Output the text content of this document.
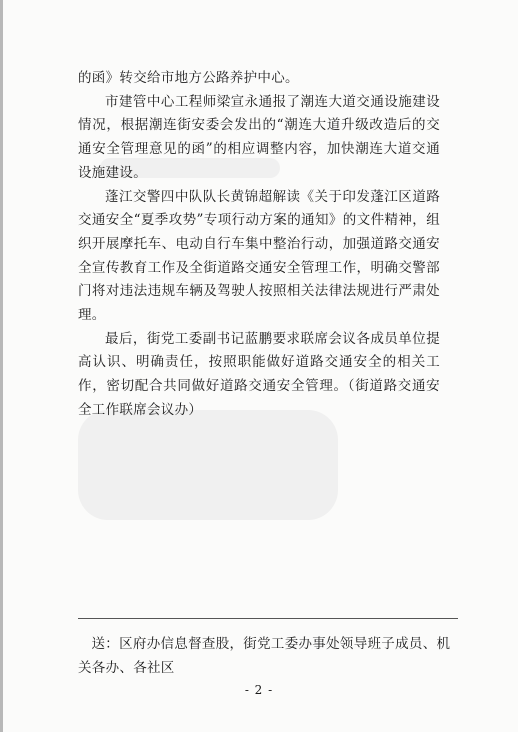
的函》转交给市地方公路养护中心。

市建管中心工程师梁宣永通报了潮连大道交通设施建设情况，根据潮连街安委会发出的“潮连大道升级改造后的交通安全管理意见的函”的相应调整内容，加快潮连大道交通设施建设。

蓬江交警四中队队长黄锦超解读《关于印发蓬江区道路交通安全“夏季攻势”专项行动方案的通知》的文件精神，组织开展摩托车、电动自行车集中整治行动，加强道路交通安全宣传教育工作及全街道路交通安全管理工作，明确交警部门将对违法违规车辆及驾驶人按照相关法律法规进行严肃处理。

最后，街党工委副书记蓝鹏要求联席会议各成员单位提高认识、明确责任，按照职能做好道路交通安全的相关工作，密切配合共同做好道路交通安全管理。（街道路交通安全工作联席会议办）

送：区府办信息督查股，街党工委办事处领导班子成员、机关各办、各社区

- 2 -
